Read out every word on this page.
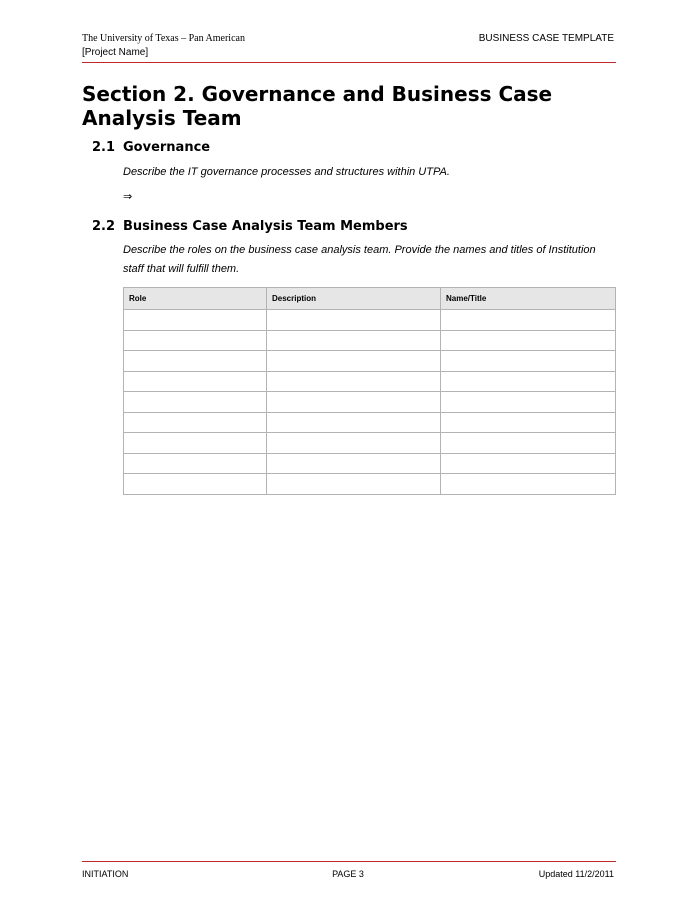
The University of Texas – Pan American
[Project Name]
BUSINESS CASE TEMPLATE
Section 2. Governance and Business Case Analysis Team
2.1 Governance
Describe the IT governance processes and structures within UTPA.
⇒
2.2 Business Case Analysis Team Members
Describe the roles on the business case analysis team. Provide the names and titles of Institution staff that will fulfill them.
Role	Description	Name/Title

INITIATION	PAGE 3	Updated 11/2/2011
